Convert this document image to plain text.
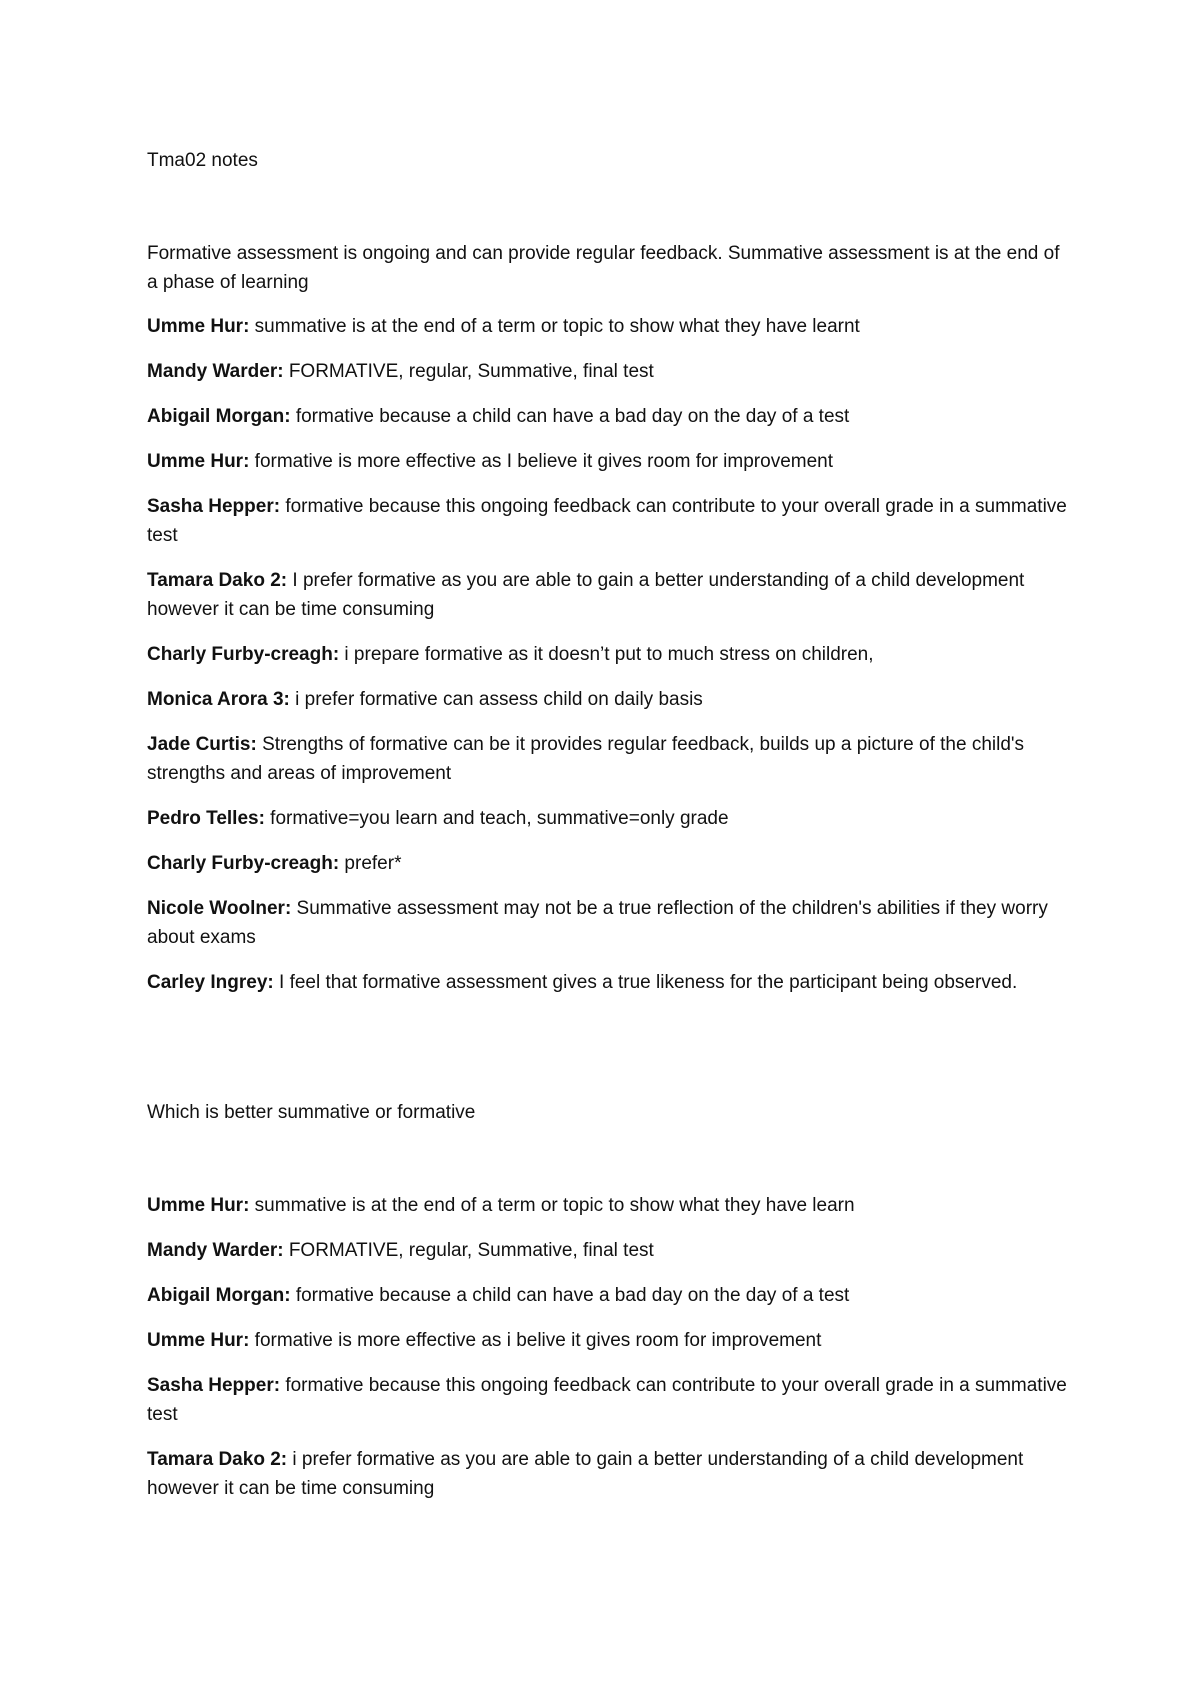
Tma02 notes

Formative assessment is ongoing and can provide regular feedback. Summative assessment is at the end of a phase of learning

Umme Hur: summative is at the end of a term or topic to show what they have learnt

Mandy Warder: FORMATIVE, regular, Summative, final test

Abigail Morgan: formative because a child can have a bad day on the day of a test

Umme Hur: formative is more effective as I believe it gives room for improvement

Sasha Hepper: formative because this ongoing feedback can contribute to your overall grade in a summative test

Tamara Dako 2: I prefer formative as you are able to gain a better understanding of a child development however it can be time consuming

Charly Furby-creagh: i prepare formative as it doesn’t put to much stress on children,

Monica Arora 3: i prefer formative can assess child on daily basis

Jade Curtis: Strengths of formative can be it provides regular feedback, builds up a picture of the child's strengths and areas of improvement

Pedro Telles: formative=you learn and teach, summative=only grade

Charly Furby-creagh: prefer*

Nicole Woolner: Summative assessment may not be a true reflection of the children's abilities if they worry about exams

Carley Ingrey: I feel that formative assessment gives a true likeness for the participant being observed.

Which is better summative or formative

Umme Hur: summative is at the end of a term or topic to show what they have learn

Mandy Warder: FORMATIVE, regular, Summative, final test

Abigail Morgan: formative because a child can have a bad day on the day of a test

Umme Hur: formative is more effective as i belive it gives room for improvement

Sasha Hepper: formative because this ongoing feedback can contribute to your overall grade in a summative test

Tamara Dako 2: i prefer formative as you are able to gain a better understanding of a child development however it can be time consuming
